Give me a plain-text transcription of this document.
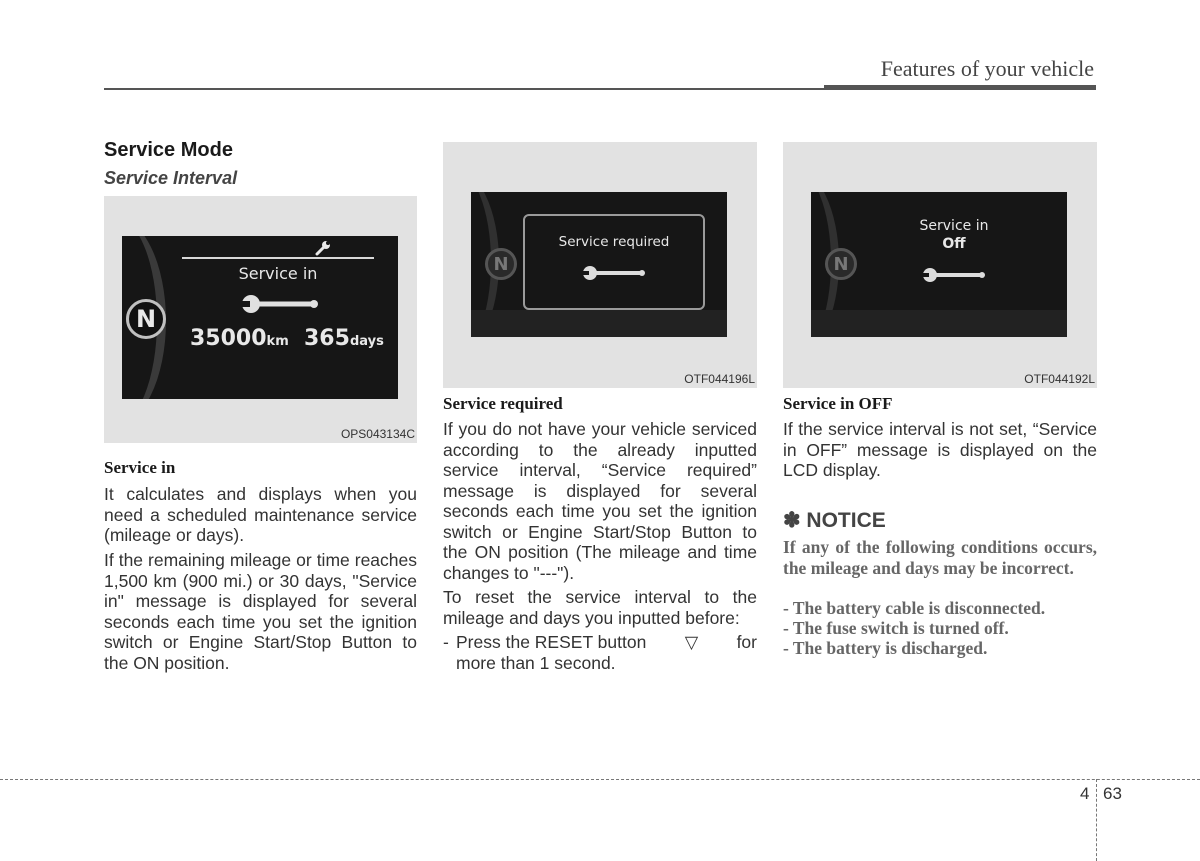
Features of your vehicle
Service Mode
Service Interval
Service in
35000km 365days
N
OPS043134C
Service in
It calculates and displays when you need a scheduled maintenance service (mileage or days).
If the remaining mileage or time reaches 1,500 km (900 mi.) or 30 days, "Service in" message is displayed for several seconds each time you set the ignition switch or Engine Start/Stop Button to the ON position.
Service required
N
OTF044196L
Service required
If you do not have your vehicle serviced according to the already inputted service interval, “Service required” message is displayed for several seconds each time you set the ignition switch or Engine Start/Stop Button to the ON position (The mileage and time changes to "---").
To reset the service interval to the mileage and days you inputted before:
- Press the RESET button ▽ for
more than 1 second.
Service in
Off
N
OTF044192L
Service in OFF
If the service interval is not set, “Service in OFF” message is displayed on the LCD display.
✽ NOTICE
If any of the following conditions occurs, the mileage and days may be incorrect.
- The battery cable is disconnected.
- The fuse switch is turned off.
- The battery is discharged.
4 63
